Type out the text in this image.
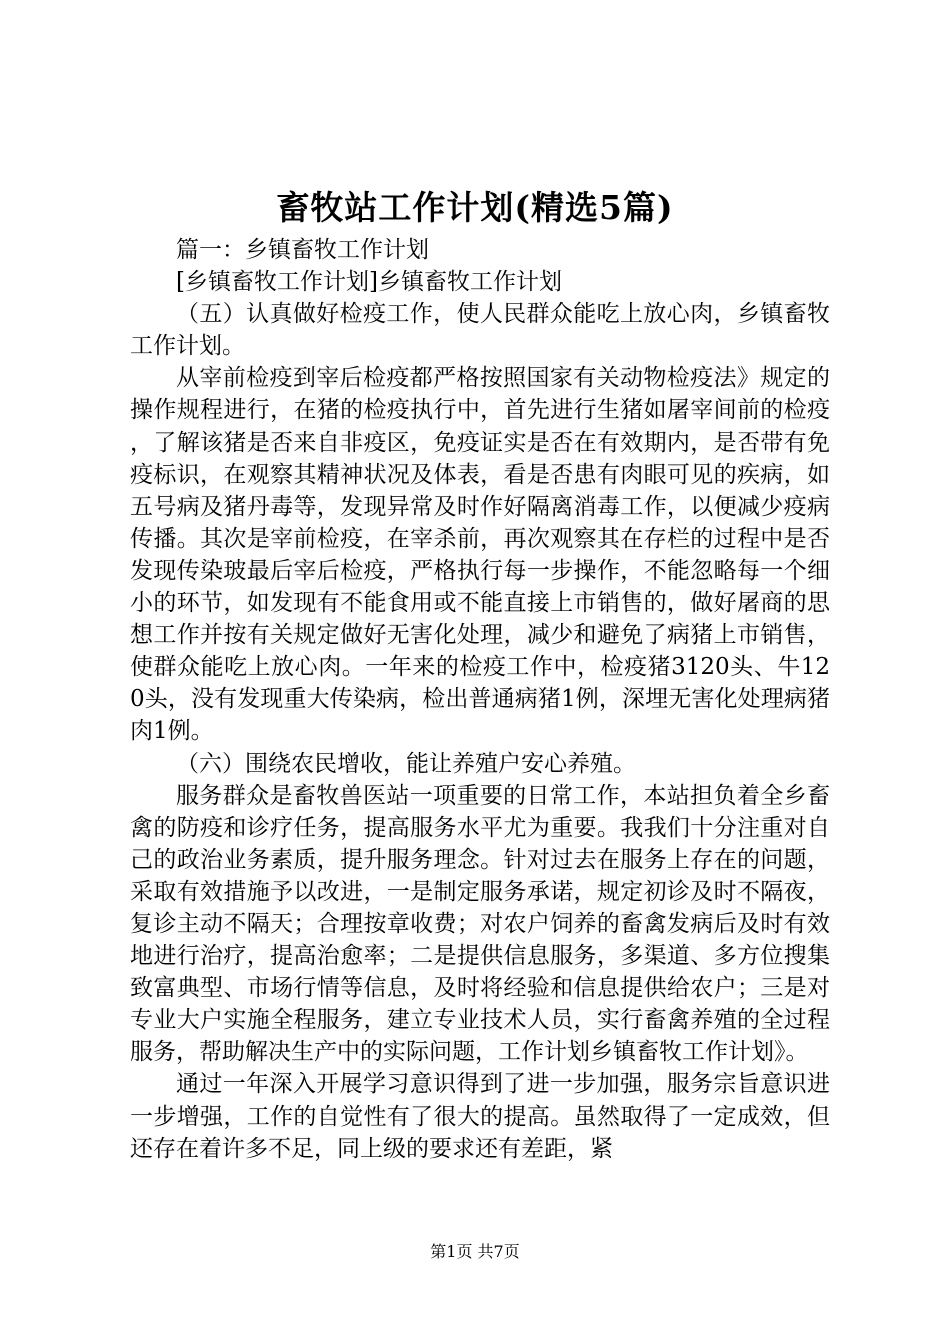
畜牧站工作计划(精选5篇)

篇一：乡镇畜牧工作计划

[乡镇畜牧工作计划]乡镇畜牧工作计划

（五）认真做好检疫工作，使人民群众能吃上放心肉，乡镇畜牧工作计划。

从宰前检疫到宰后检疫都严格按照国家有关动物检疫法》规定的操作规程进行，在猪的检疫执行中，首先进行生猪如屠宰间前的检疫，了解该猪是否来自非疫区，免疫证实是否在有效期内，是否带有免疫标识，在观察其精神状况及体表，看是否患有肉眼可见的疾病，如五号病及猪丹毒等，发现异常及时作好隔离消毒工作，以便减少疫病传播。其次是宰前检疫，在宰杀前，再次观察其在存栏的过程中是否发现传染玻最后宰后检疫，严格执行每一步操作，不能忽略每一个细小的环节，如发现有不能食用或不能直接上市销售的，做好屠商的思想工作并按有关规定做好无害化处理，减少和避免了病猪上市销售，使群众能吃上放心肉。一年来的检疫工作中，检疫猪3120头、牛120头，没有发现重大传染病，检出普通病猪1例，深埋无害化处理病猪肉1例。

（六）围绕农民增收，能让养殖户安心养殖。

服务群众是畜牧兽医站一项重要的日常工作，本站担负着全乡畜禽的防疫和诊疗任务，提高服务水平尤为重要。我我们十分注重对自己的政治业务素质，提升服务理念。针对过去在服务上存在的问题，采取有效措施予以改进，一是制定服务承诺，规定初诊及时不隔夜，复诊主动不隔天；合理按章收费；对农户饲养的畜禽发病后及时有效地进行治疗，提高治愈率；二是提供信息服务，多渠道、多方位搜集致富典型、市场行情等信息，及时将经验和信息提供给农户；三是对专业大户实施全程服务，建立专业技术人员，实行畜禽养殖的全过程服务，帮助解决生产中的实际问题，工作计划乡镇畜牧工作计划》。

通过一年深入开展学习意识得到了进一步加强，服务宗旨意识进一步增强，工作的自觉性有了很大的提高。虽然取得了一定成效，但还存在着许多不足，同上级的要求还有差距，紧

第1页 共7页
